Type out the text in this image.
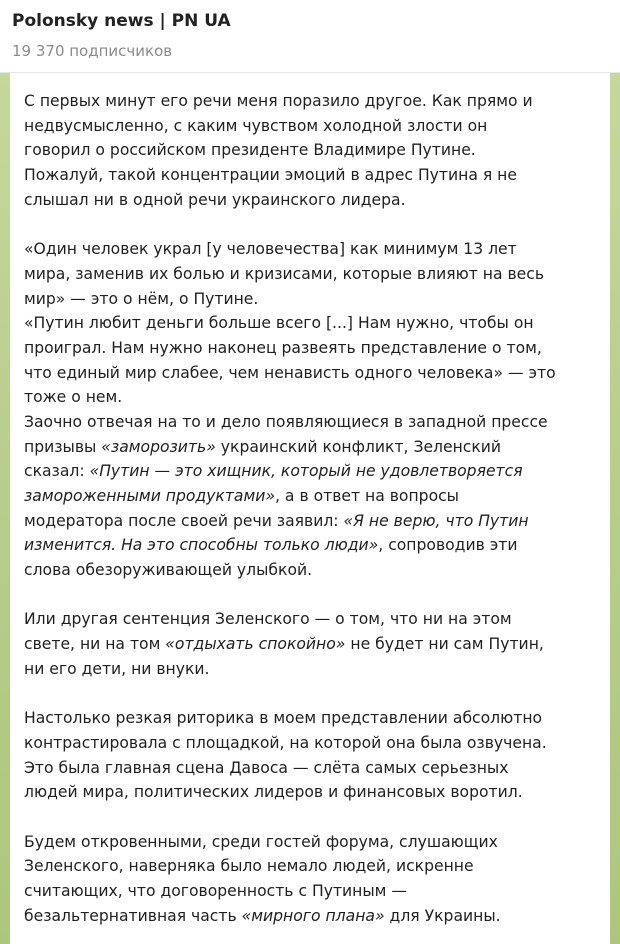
Polonsky news | PN UA
19 370 подписчиков
С первых минут его речи меня поразило другое. Как прямо и
недвусмысленно, с каким чувством холодной злости он
говорил о российском президенте Владимире Путине.
Пожалуй, такой концентрации эмоций в адрес Путина я не
слышал ни в одной речи украинского лидера.
«Один человек украл [у человечества] как минимум 13 лет
мира, заменив их болью и кризисами, которые влияют на весь
мир» — это о нём, о Путине.
«Путин любит деньги больше всего [...] Нам нужно, чтобы он
проиграл. Нам нужно наконец развеять представление о том,
что единый мир слабее, чем ненависть одного человека» — это
тоже о нем.
Заочно отвечая на то и дело появляющиеся в западной прессе
призывы «заморозить» украинский конфликт, Зеленский
сказал: «Путин — это хищник, который не удовлетворяется
замороженными продуктами», а в ответ на вопросы
модератора после своей речи заявил: «Я не верю, что Путин
изменится. На это способны только люди», сопроводив эти
слова обезоруживающей улыбкой.
Или другая сентенция Зеленского — о том, что ни на этом
свете, ни на том «отдыхать спокойно» не будет ни сам Путин,
ни его дети, ни внуки.
Настолько резкая риторика в моем представлении абсолютно
контрастировала с площадкой, на которой она была озвучена.
Это была главная сцена Давоса — слёта самых серьезных
людей мира, политических лидеров и финансовых воротил.
Будем откровенными, среди гостей форума, слушающих
Зеленского, наверняка было немало людей, искренне
считающих, что договоренность с Путиным —
безальтернативная часть «мирного плана» для Украины.
